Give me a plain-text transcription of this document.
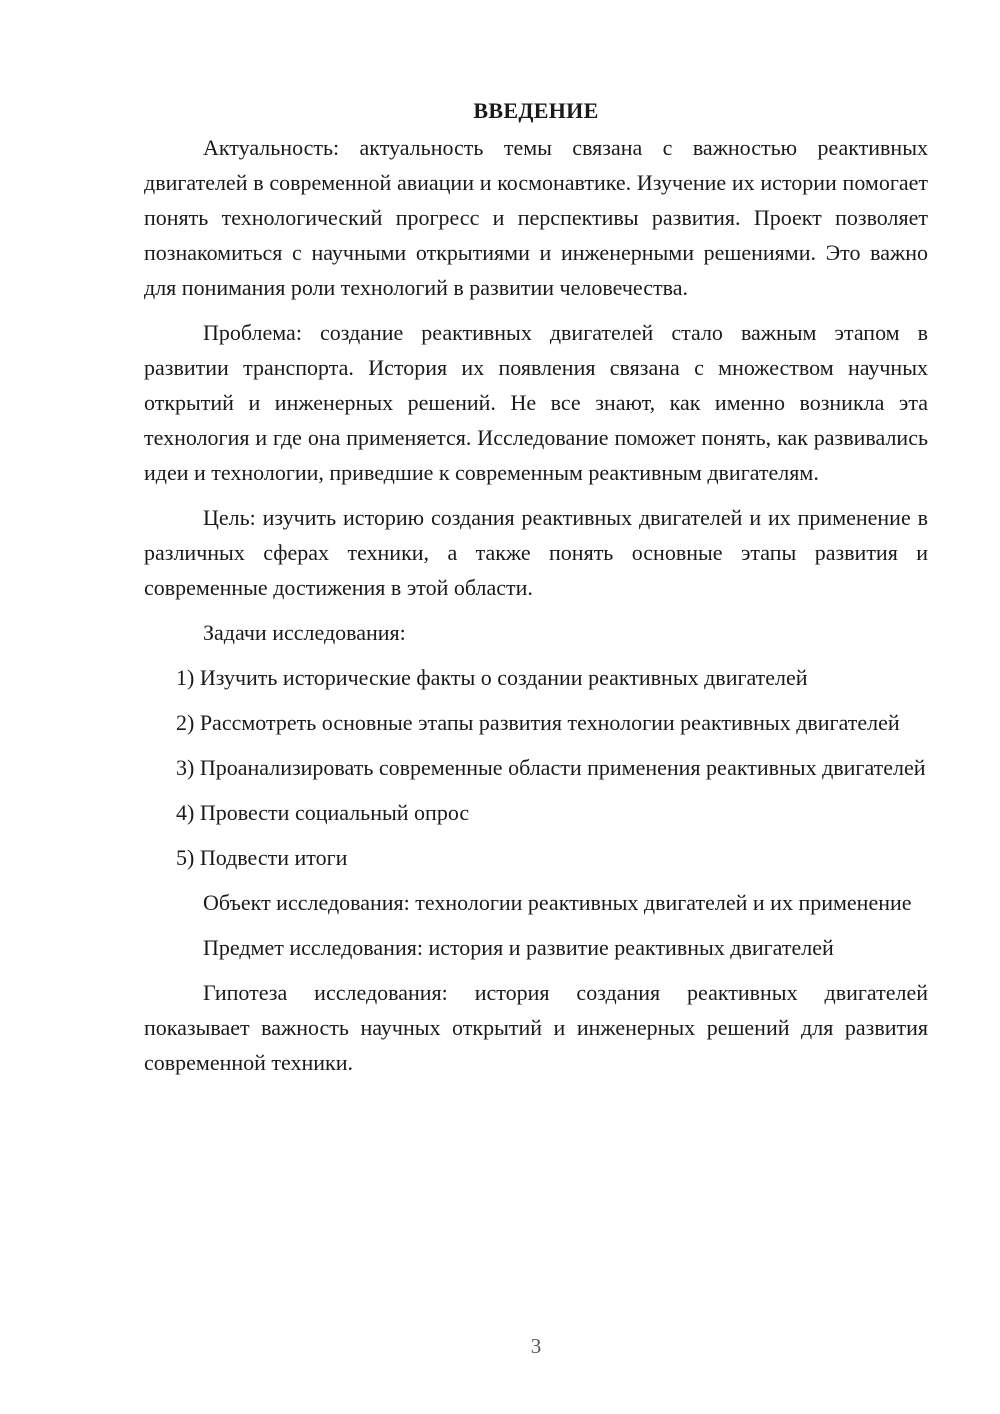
ВВЕДЕНИЕ

Актуальность: актуальность темы связана с важностью реактивных двигателей в современной авиации и космонавтике. Изучение их истории помогает понять технологический прогресс и перспективы развития. Проект позволяет познакомиться с научными открытиями и инженерными решениями. Это важно для понимания роли технологий в развитии человечества.

Проблема: создание реактивных двигателей стало важным этапом в развитии транспорта. История их появления связана с множеством научных открытий и инженерных решений. Не все знают, как именно возникла эта технология и где она применяется. Исследование поможет понять, как развивались идеи и технологии, приведшие к современным реактивным двигателям.

Цель: изучить историю создания реактивных двигателей и их применение в различных сферах техники, а также понять основные этапы развития и современные достижения в этой области.

Задачи исследования:

1) Изучить исторические факты о создании реактивных двигателей

2) Рассмотреть основные этапы развития технологии реактивных двигателей

3) Проанализировать современные области применения реактивных двигателей

4) Провести социальный опрос

5) Подвести итоги

Объект исследования: технологии реактивных двигателей и их применение

Предмет исследования: история и развитие реактивных двигателей

Гипотеза исследования: история создания реактивных двигателей показывает важность научных открытий и инженерных решений для развития современной техники.

3
